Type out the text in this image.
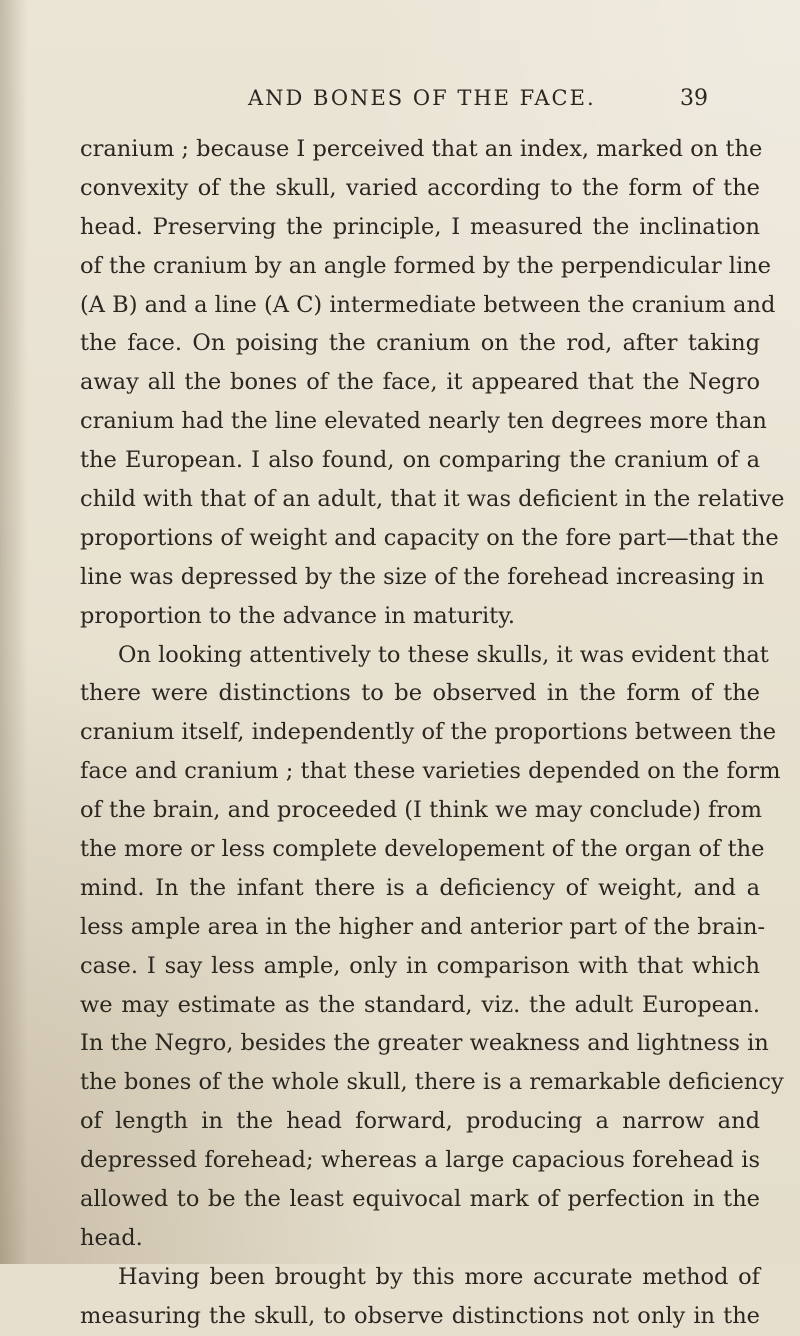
AND BONES OF THE FACE.	39
cranium ; because I perceived that an index, marked on the
convexity of the skull, varied according to the form of the
head. Preserving the principle, I measured the inclination
of the cranium by an angle formed by the perpendicular line
(A B) and a line (A C) intermediate between the cranium and
the face. On poising the cranium on the rod, after taking
away all the bones of the face, it appeared that the Negro
cranium had the line elevated nearly ten degrees more than
the European. I also found, on comparing the cranium of a
child with that of an adult, that it was deficient in the relative
proportions of weight and capacity on the fore part—that the
line was depressed by the size of the forehead increasing in
proportion to the advance in maturity.
On looking attentively to these skulls, it was evident that
there were distinctions to be observed in the form of the
cranium itself, independently of the proportions between the
face and cranium ; that these varieties depended on the form
of the brain, and proceeded (I think we may conclude) from
the more or less complete developement of the organ of the
mind. In the infant there is a deficiency of weight, and a
less ample area in the higher and anterior part of the brain-
case. I say less ample, only in comparison with that which
we may estimate as the standard, viz. the adult European.
In the Negro, besides the greater weakness and lightness in
the bones of the whole skull, there is a remarkable deficiency
of length in the head forward, producing a narrow and
depressed forehead; whereas a large capacious forehead is
allowed to be the least equivocal mark of perfection in the
head.
Having been brought by this more accurate method of
measuring the skull, to observe distinctions not only in the
